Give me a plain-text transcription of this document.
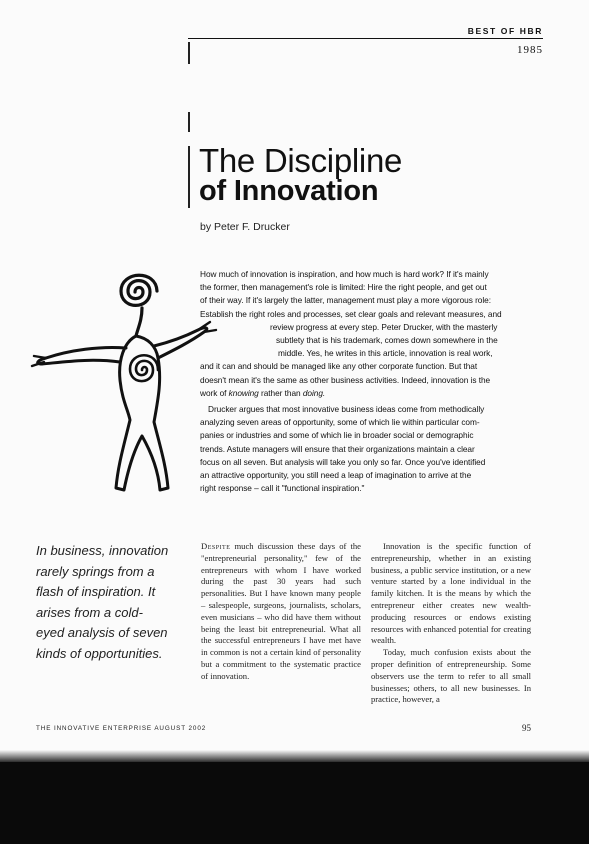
BEST OF HBR
1985
The Discipline
of Innovation
by Peter F. Drucker

How much of innovation is inspiration, and how much is hard work? If it's mainly

the former, then management's role is limited: Hire the right people, and get out

of their way. If it's largely the latter, management must play a more vigorous role:

Establish the right roles and processes, set clear goals and relevant measures, and

review progress at every step. Peter Drucker, with the masterly

subtlety that is his trademark, comes down somewhere in the

middle. Yes, he writes in this article, innovation is real work,

and it can and should be managed like any other corporate function. But that

doesn't mean it's the same as other business activities. Indeed, innovation is the

work of knowing rather than doing.

Drucker argues that most innovative business ideas come from methodically

analyzing seven areas of opportunity, some of which lie within particular com-

panies or industries and some of which lie in broader social or demographic

trends. Astute managers will ensure that their organizations maintain a clear

focus on all seven. But analysis will take you only so far. Once you've identified

an attractive opportunity, you still need a leap of imagination to arrive at the

right response – call it "functional inspiration."

In business, innovation rarely springs from a flash of inspiration. It arises from a cold-eyed analysis of seven kinds of opportunities.

Despite much discussion these days of the "entrepreneurial personality," few of the entrepreneurs with whom I have worked during the past 30 years had such personalities. But I have known many people – salespeople, surgeons, journalists, scholars, even musicians – who did have them without being the least bit entrepreneurial. What all the successful entrepreneurs I have met have in common is not a certain kind of personality but a commitment to the systematic practice of innovation.

Innovation is the specific function of entrepreneurship, whether in an existing business, a public service institution, or a new venture started by a lone individual in the family kitchen. It is the means by which the entrepreneur either creates new wealth-producing resources or endows existing resources with enhanced potential for creating wealth.

Today, much confusion exists about the proper definition of entrepreneurship. Some observers use the term to refer to all small businesses; others, to all new businesses. In practice, however, a

THE INNOVATIVE ENTERPRISE AUGUST 2002	95
